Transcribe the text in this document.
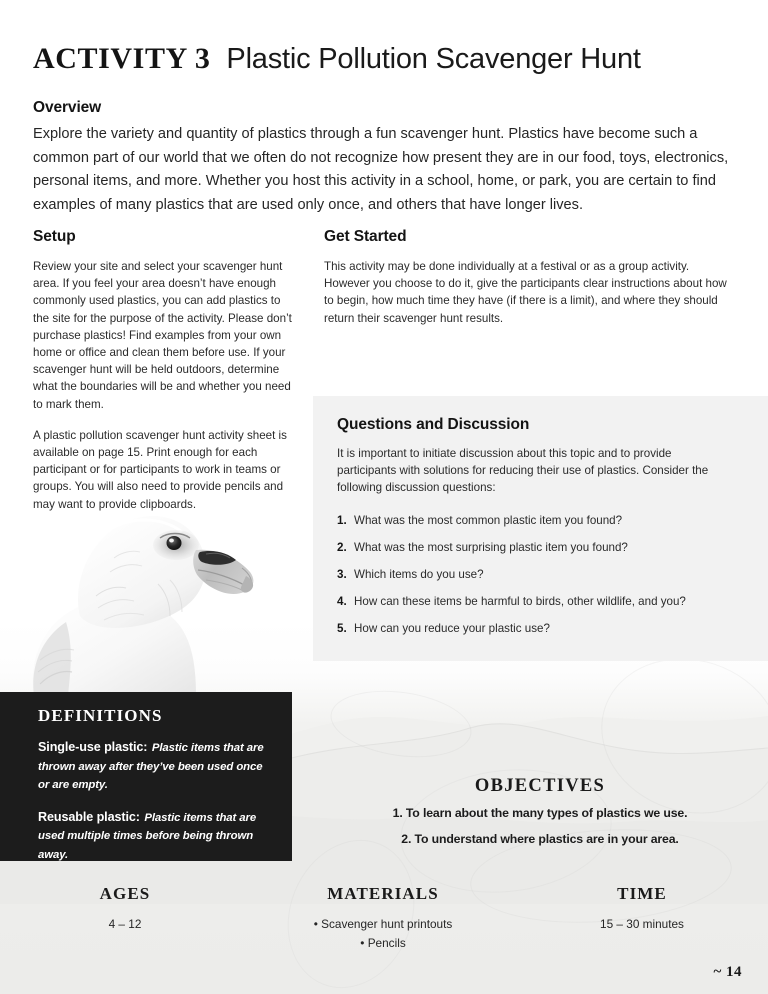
ACTIVITY 3 Plastic Pollution Scavenger Hunt
Overview
Explore the variety and quantity of plastics through a fun scavenger hunt. Plastics have become such a common part of our world that we often do not recognize how present they are in our food, toys, electronics, personal items, and more. Whether you host this activity in a school, home, or park, you are certain to find examples of many plastics that are used only once, and others that have longer lives.
Setup

Review your site and select your scavenger hunt area. If you feel your area doesn’t have enough commonly used plastics, you can add plastics to the site for the purpose of the activity. Please don’t purchase plastics! Find examples from your own home or office and clean them before use. If your scavenger hunt will be held outdoors, determine what the boundaries will be and whether you need to mark them.

A plastic pollution scavenger hunt activity sheet is available on page 15. Print enough for each participant or for participants to work in teams or groups. You will also need to provide pencils and may want to provide clipboards.

Get Started

This activity may be done individually at a festival or as a group activity. However you choose to do it, give the participants clear instructions about how to begin, how much time they have (if there is a limit), and where they should return their scavenger hunt results.

Questions and Discussion

It is important to initiate discussion about this topic and to provide participants with solutions for reducing their use of plastics. Consider the following discussion questions:

1. What was the most common plastic item you found?
2. What was the most surprising plastic item you found?
3. Which items do you use?
4. How can these items be harmful to birds, other wildlife, and you?
5. How can you reduce your plastic use?
DEFINITIONS
Single-use plastic: Plastic items that are thrown away after they’ve been used once or are empty.
Reusable plastic: Plastic items that are used multiple times before being thrown away.
OBJECTIVES
1. To learn about the many types of plastics we use.
2. To understand where plastics are in your area.
AGES
4 – 12
MATERIALS
• Scavenger hunt printouts
• Pencils
TIME
15 – 30 minutes
~ 14
